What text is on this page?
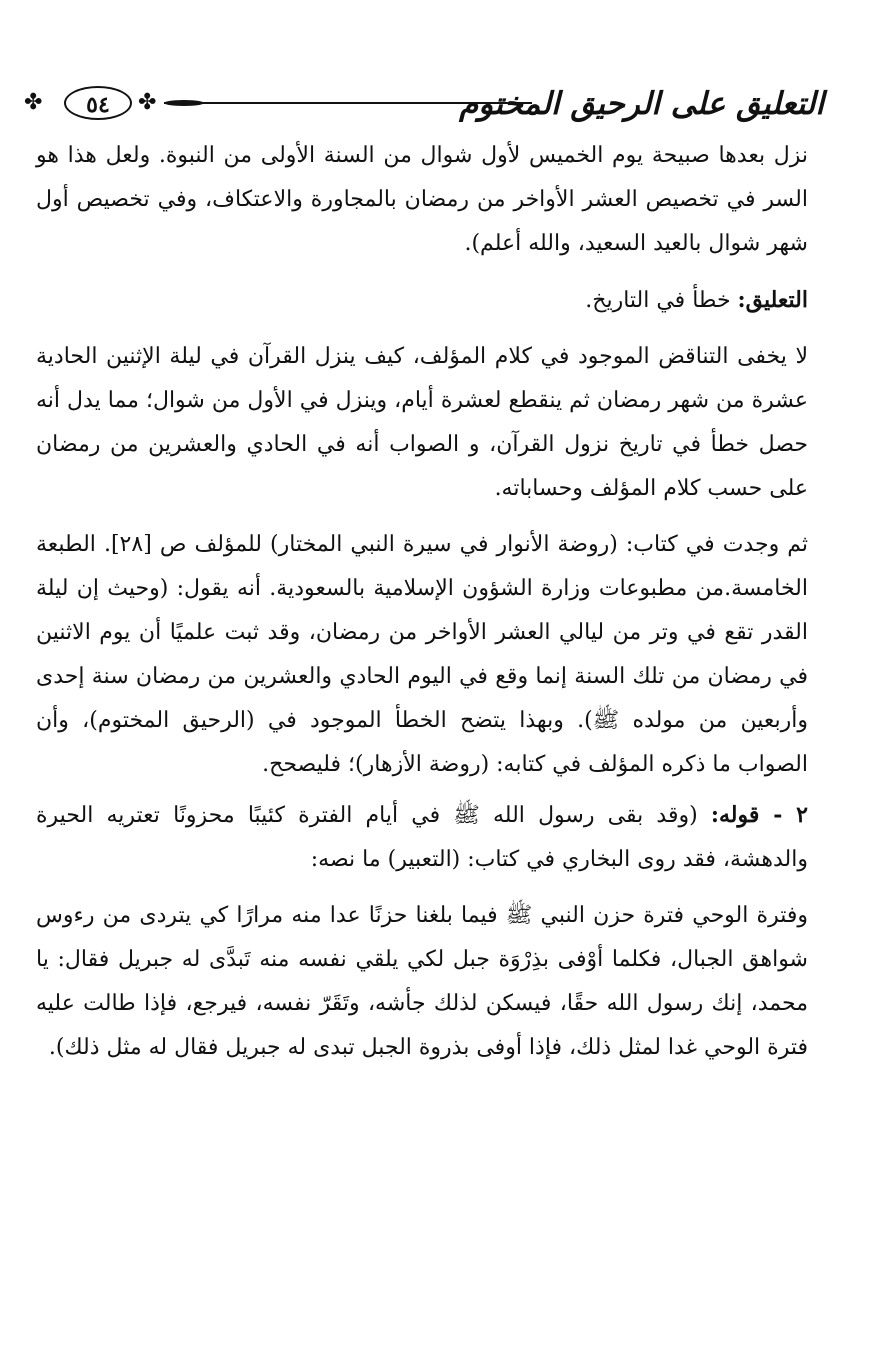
✤	٥٤	✤	التعليق على الرحيق المختوم

نزل بعدها صبيحة يوم الخميس لأول شوال من السنة الأولى من النبوة. ولعل هذا هو السر في تخصيص العشر الأواخر من رمضان بالمجاورة والاعتكاف، وفي تخصيص أول شهر شوال بالعيد السعيد، والله أعلم).

التعليق: خطأ في التاريخ.

لا يخفى التناقض الموجود في كلام المؤلف، كيف ينزل القرآن في ليلة الإثنين الحادية عشرة من شهر رمضان ثم ينقطع لعشرة أيام، وينزل في الأول من شوال؛ مما يدل أنه حصل خطأ في تاريخ نزول القرآن، و الصواب أنه في الحادي والعشرين من رمضان على حسب كلام المؤلف وحساباته.

ثم وجدت في كتاب: (روضة الأنوار في سيرة النبي المختار) للمؤلف ص [٢٨]. الطبعة الخامسة.من مطبوعات وزارة الشؤون الإسلامية بالسعودية. أنه يقول: (وحيث إن ليلة القدر تقع في وتر من ليالي العشر الأواخر من رمضان، وقد ثبت علميًا أن يوم الاثنين في رمضان من تلك السنة إنما وقع في اليوم الحادي والعشرين من رمضان سنة إحدى وأربعين من مولده ﷺ). وبهذا يتضح الخطأ الموجود في (الرحيق المختوم)، وأن الصواب ما ذكره المؤلف في كتابه: (روضة الأزهار)؛ فليصحح.

٢ - قوله: (وقد بقى رسول الله ﷺ في أيام الفترة كئيبًا محزونًا تعتريه الحيرة والدهشة، فقد روى البخاري في كتاب: (التعبير) ما نصه:

وفترة الوحي فترة حزن النبي ﷺ فيما بلغنا حزنًا عدا منه مرارًا كي يتردى من رءوس شواهق الجبال، فكلما أوْفى بذِرْوَة جبل لكي يلقي نفسه منه تَبدَّى له جبريل فقال: يا محمد، إنك رسول الله حقًا، فيسكن لذلك جأشه، وتَقَرّ نفسه، فيرجع، فإذا طالت عليه فترة الوحي غدا لمثل ذلك، فإذا أوفى بذروة الجبل تبدى له جبريل فقال له مثل ذلك).
